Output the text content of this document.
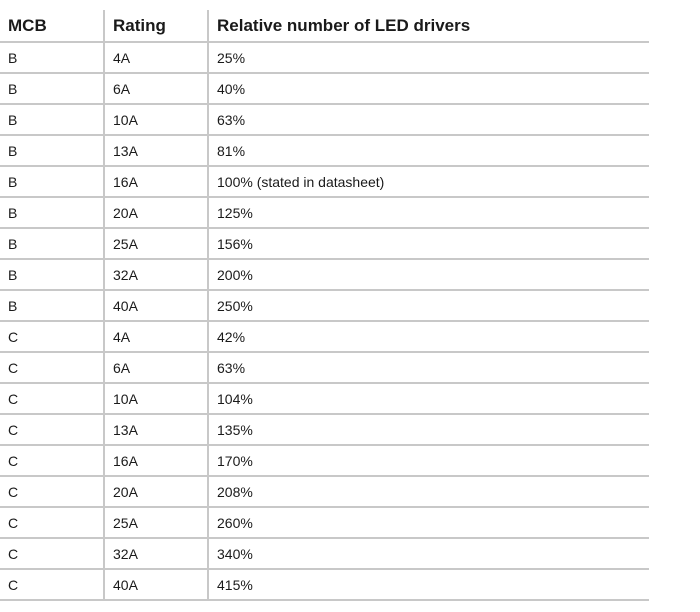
MCB	Rating	Relative number of LED drivers
B	4A	25%
B	6A	40%
B	10A	63%
B	13A	81%
B	16A	100% (stated in datasheet)
B	20A	125%
B	25A	156%
B	32A	200%
B	40A	250%
C	4A	42%
C	6A	63%
C	10A	104%
C	13A	135%
C	16A	170%
C	20A	208%
C	25A	260%
C	32A	340%
C	40A	415%
